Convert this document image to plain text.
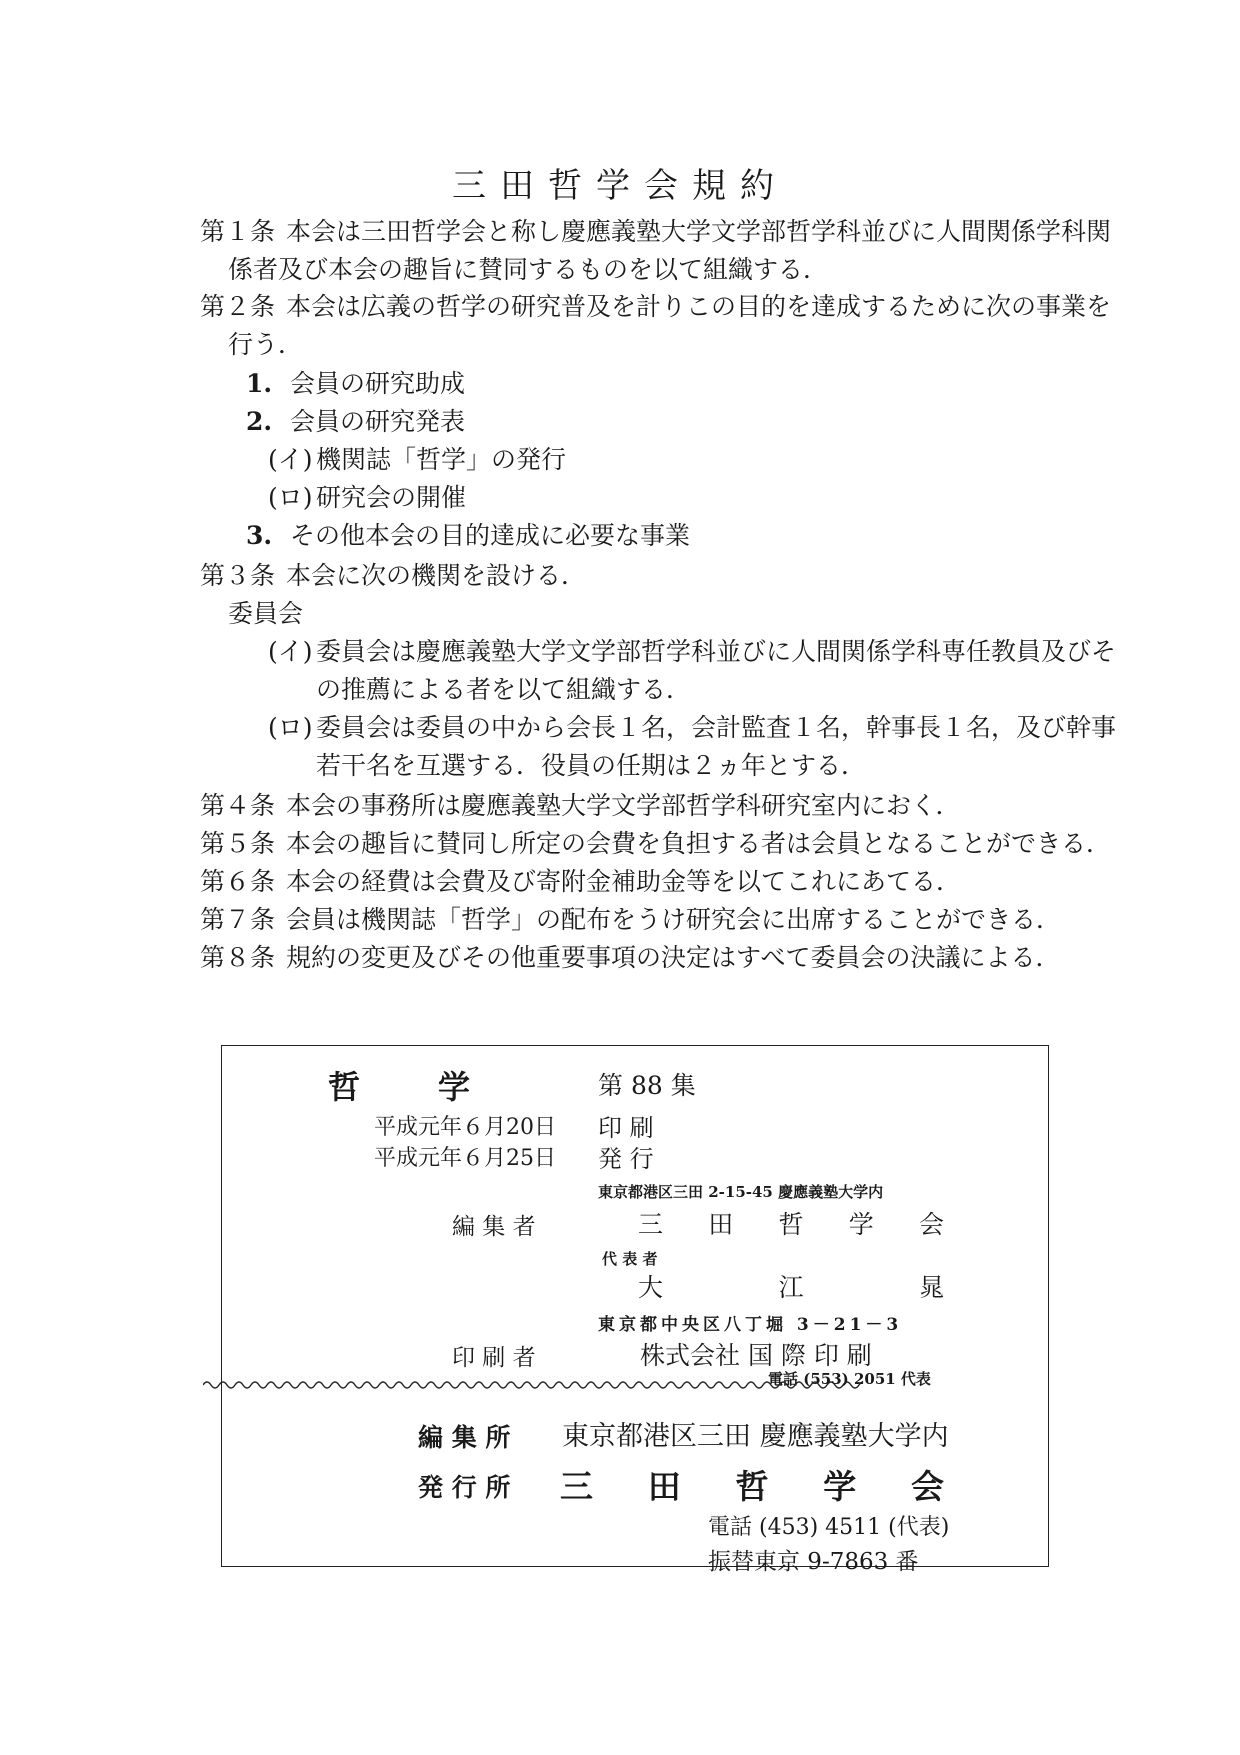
三田哲学会規約
第１条 本会は三田哲学会と称し慶應義塾大学文学部哲学科並びに人間関係学科関
係者及び本会の趣旨に賛同するものを以て組織する．
第２条 本会は広義の哲学の研究普及を計りこの目的を達成するために次の事業を
行う．
1. 会員の研究助成
2. 会員の研究発表
(イ) 機関誌「哲学」の発行
(ロ) 研究会の開催
3. その他本会の目的達成に必要な事業
第３条 本会に次の機関を設ける．
委員会
(イ) 委員会は慶應義塾大学文学部哲学科並びに人間関係学科専任教員及びそ
の推薦による者を以て組織する．
(ロ) 委員会は委員の中から会長１名，会計監査１名，幹事長１名，及び幹事
若干名を互選する．役員の任期は２ヵ年とする．
第４条 本会の事務所は慶應義塾大学文学部哲学科研究室内におく．
第５条 本会の趣旨に賛同し所定の会費を負担する者は会員となることができる．
第６条 本会の経費は会費及び寄附金補助金等を以てこれにあてる．
第７条 会員は機関誌「哲学」の配布をうけ研究会に出席することができる．
第８条 規約の変更及びその他重要事項の決定はすべて委員会の決議による．
哲 学	第 88 集
平成元年６月20日 印 刷
平成元年６月25日 発 行
東京都港区三田 2-15-45 慶應義塾大学内
編 集 者	三 田 哲 学 会
代 表 者
大	江	晁
東京都中央区八丁堀 3－21－3
印 刷 者	株式会社 国 際 印 刷
電話 (553) 2051 代表
編 集 所 東京都港区三田 慶應義塾大学内
発 行 所 三 田 哲 学 会
電話 (453) 4511 (代表)
振替東京 9-7863 番
